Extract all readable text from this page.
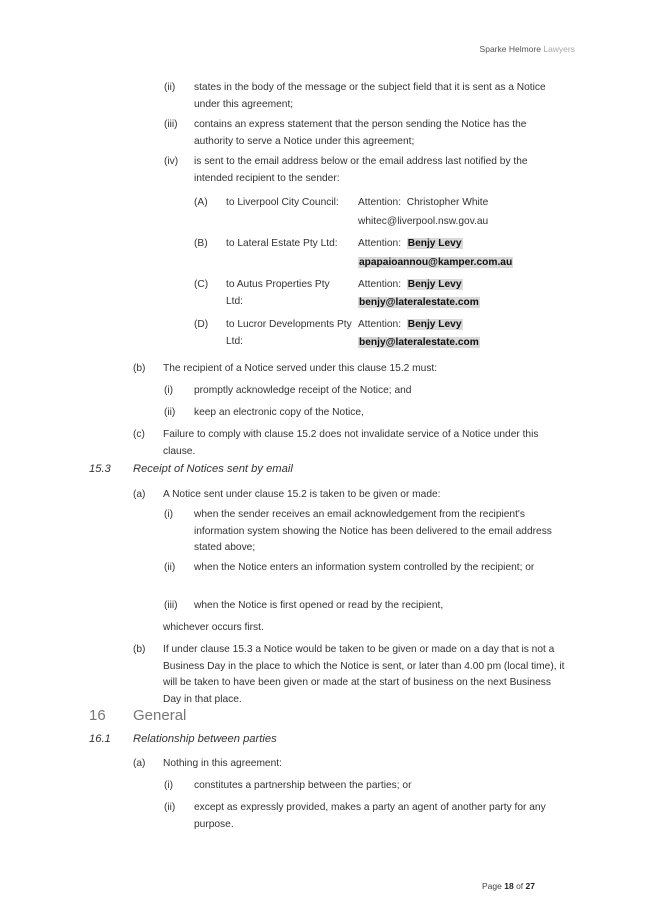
Sparke Helmore Lawyers
(ii) states in the body of the message or the subject field that it is sent as a Notice under this agreement;
(iii) contains an express statement that the person sending the Notice has the authority to serve a Notice under this agreement;
(iv) is sent to the email address below or the email address last notified by the intended recipient to the sender:
(A) to Liverpool City Council:	Attention: Christopher White
whitec@liverpool.nsw.gov.au
(B) to Lateral Estate Pty Ltd:	Attention: Benjy Levy
apapaioannou@kamper.com.au
(C) to Autus Properties Pty Ltd:
Attention: Benjy Levy
benjy@lateralestate.com
(D) to Lucror Developments Pty Ltd:
Attention: Benjy Levy
benjy@lateralestate.com
(b) The recipient of a Notice served under this clause 15.2 must:
(i) promptly acknowledge receipt of the Notice; and
(ii) keep an electronic copy of the Notice,
(c) Failure to comply with clause 15.2 does not invalidate service of a Notice under this clause.
15.3 Receipt of Notices sent by email
(a) A Notice sent under clause 15.2 is taken to be given or made:
(i) when the sender receives an email acknowledgement from the recipient's information system showing the Notice has been delivered to the email address stated above;
(ii) when the Notice enters an information system controlled by the recipient; or
(iii) when the Notice is first opened or read by the recipient,
whichever occurs first.
(b) If under clause 15.3 a Notice would be taken to be given or made on a day that is not a Business Day in the place to which the Notice is sent, or later than 4.00 pm (local time), it will be taken to have been given or made at the start of business on the next Business Day in that place.
16 General
16.1 Relationship between parties
(a) Nothing in this agreement:
(i) constitutes a partnership between the parties; or
(ii) except as expressly provided, makes a party an agent of another party for any purpose.
Page 18 of 27
